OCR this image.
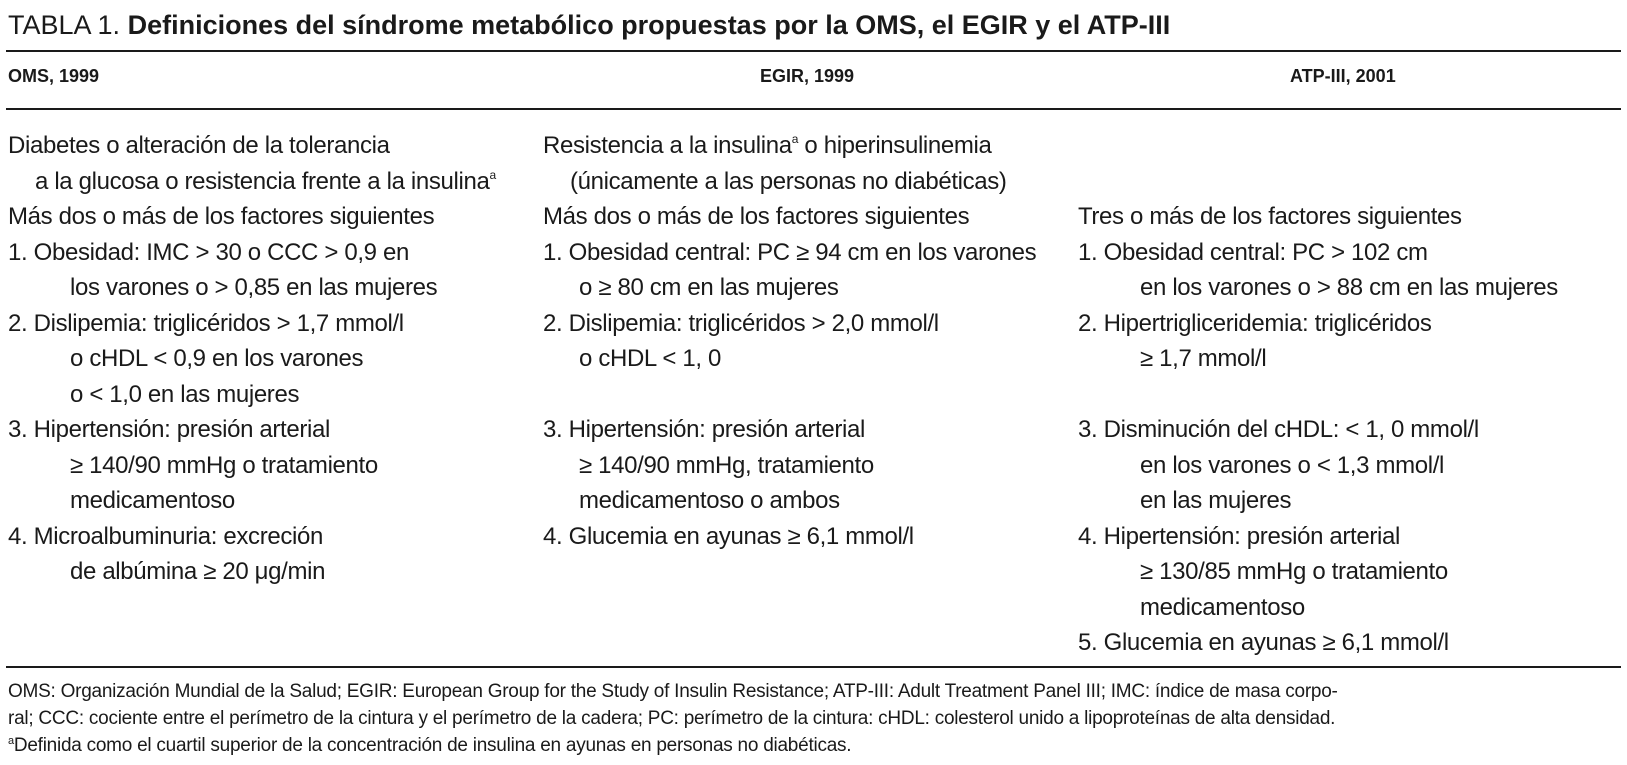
TABLA 1. Definiciones del síndrome metabólico propuestas por la OMS, el EGIR y el ATP-III
OMS, 1999	EGIR, 1999	ATP-III, 2001
Diabetes o alteración de la tolerancia
a la glucosa o resistencia frente a la insulina$^a$
Más dos o más de los factores siguientes
1. Obesidad: IMC > 30 o CCC > 0,9 en
los varones o > 0,85 en las mujeres
2. Dislipemia: triglicéridos > 1,7 mmol/l
o cHDL < 0,9 en los varones
o < 1,0 en las mujeres
3. Hipertensión: presión arterial
≥ 140/90 mmHg o tratamiento
medicamentoso
4. Microalbuminuria: excreción
de albúmina ≥ 20 μg/min
Resistencia a la insulina$^a$ o hiperinsulinemia
(únicamente a las personas no diabéticas)
Más dos o más de los factores siguientes
1. Obesidad central: PC ≥ 94 cm en los varones
o ≥ 80 cm en las mujeres
2. Dislipemia: triglicéridos > 2,0 mmol/l
o cHDL < 1, 0
3. Hipertensión: presión arterial
≥ 140/90 mmHg, tratamiento
medicamentoso o ambos
4. Glucemia en ayunas ≥ 6,1 mmol/l
Tres o más de los factores siguientes
1. Obesidad central: PC > 102 cm
en los varones o > 88 cm en las mujeres
2. Hipertrigliceridemia: triglicéridos
≥ 1,7 mmol/l
3. Disminución del cHDL: < 1, 0 mmol/l
en los varones o < 1,3 mmol/l
en las mujeres
4. Hipertensión: presión arterial
≥ 130/85 mmHg o tratamiento
medicamentoso
5. Glucemia en ayunas ≥ 6,1 mmol/l
OMS: Organización Mundial de la Salud; EGIR: European Group for the Study of Insulin Resistance; ATP-III: Adult Treatment Panel III; IMC: índice de masa corpo-
ral; CCC: cociente entre el perímetro de la cintura y el perímetro de la cadera; PC: perímetro de la cintura: cHDL: colesterol unido a lipoproteínas de alta densidad.
$^a$Definida como el cuartil superior de la concentración de insulina en ayunas en personas no diabéticas.
